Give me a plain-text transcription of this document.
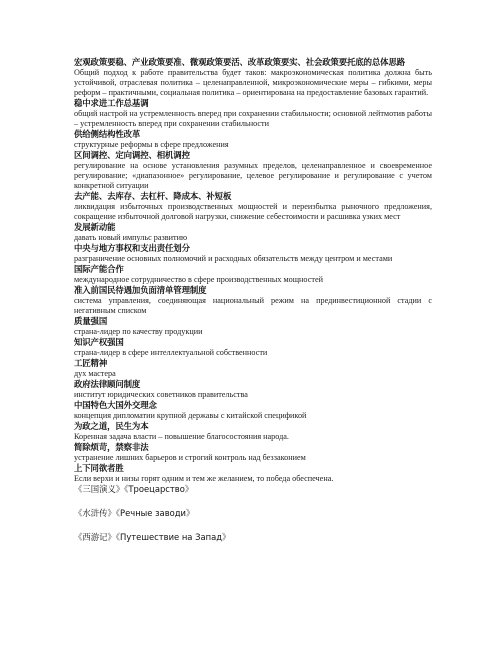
宏观政策要稳、产业政策要准、微观政策要活、改革政策要实、社会政策要托底的总体思路
Общий подход к работе правительства будет таков: макроэкономическая политика должна быть устойчивой, отраслевая политика – целенаправленной, микроэкономические меры – гибкими, меры реформ – практичными, социальная политика – ориентирована на предоставление базовых гарантий.
稳中求进工作总基调
общий настрой на устремленность вперед при сохранении стабильности; основной лейтмотив работы – устремленность вперед при сохранении стабильности
供给侧结构性改革
структурные реформы в сфере предложения
区间调控、定向调控、相机调控
регулирование на основе установления разумных пределов, целенаправленное и своевременное регулирование; «диапазонное» регулирование, целевое регулирование и регулирование с учетом конкретной ситуации
去产能、去库存、去杠杆、降成本、补短板
ликвидация избыточных производственных мощностей и переизбытка рыночного предложения, сокращение избыточной долговой нагрузки, снижение себестоимости и расшивка узких мест
发展新动能
давать новый импульс развитию
中央与地方事权和支出责任划分
разграничение основных полномочий и расходных обязательств между центром и местами
国际产能合作
международное сотрудничество в сфере производственных мощностей
准入前国民待遇加负面清单管理制度
система управления, соединяющая национальный режим на прединвестиционной стадии с негативным списком
质量强国
страна-лидер по качеству продукции
知识产权强国
страна-лидер в сфере интеллектуальной собственности
工匠精神
дух мастера
政府法律顾问制度
институт юридических советников правительства
中国特色大国外交理念
концепция дипломатии крупной державы с китайской спецификой
为政之道，民生为本
Коренная задача власти – повышение благосостояния народа.
简除烦苛，禁察非法
устранение лишних барьеров и строгий контроль над беззаконием
上下同欲者胜
Если верхи и низы горят одним и тем же желанием, то победа обеспечена.
《三国演义》《Троецарство》
《水浒传》《Речные заводи》
《西游记》《Путешествие на Запад》
